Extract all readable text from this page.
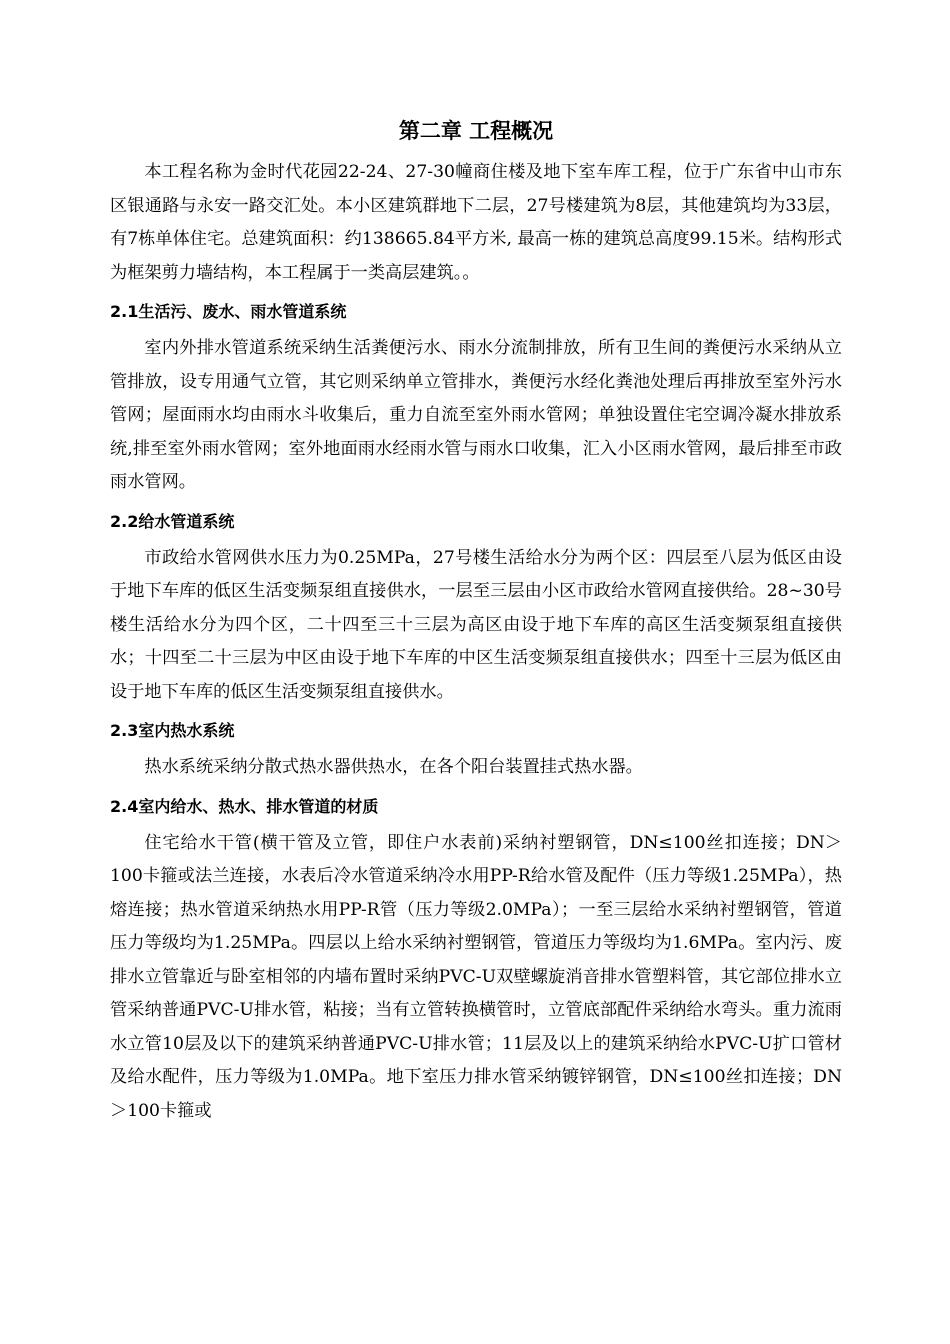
第二章 工程概况

本工程名称为金时代花园22-24、27-30幢商住楼及地下室车库工程，位于广东省中山市东区银通路与永安一路交汇处。本小区建筑群地下二层，27号楼建筑为8层，其他建筑均为33层，有7栋单体住宅。总建筑面积：约138665.84平方米, 最高一栋的建筑总高度99.15米。结构形式为框架剪力墙结构，本工程属于一类高层建筑。。

2.1生活污、废水、雨水管道系统

室内外排水管道系统采纳生活粪便污水、雨水分流制排放，所有卫生间的粪便污水采纳从立管排放，设专用通气立管，其它则采纳单立管排水，粪便污水经化粪池处理后再排放至室外污水管网；屋面雨水均由雨水斗收集后，重力自流至室外雨水管网；单独设置住宅空调冷凝水排放系统,排至室外雨水管网；室外地面雨水经雨水管与雨水口收集，汇入小区雨水管网，最后排至市政雨水管网。

2.2给水管道系统

市政给水管网供水压力为0.25MPa，27号楼生活给水分为两个区：四层至八层为低区由设于地下车库的低区生活变频泵组直接供水，一层至三层由小区市政给水管网直接供给。28~30号楼生活给水分为四个区，二十四至三十三层为高区由设于地下车库的高区生活变频泵组直接供水；十四至二十三层为中区由设于地下车库的中区生活变频泵组直接供水；四至十三层为低区由设于地下车库的低区生活变频泵组直接供水。

2.3室内热水系统

热水系统采纳分散式热水器供热水，在各个阳台装置挂式热水器。

2.4室内给水、热水、排水管道的材质

住宅给水干管(横干管及立管，即住户水表前)采纳衬塑钢管，DN≤100丝扣连接；DN＞100卡箍或法兰连接，水表后冷水管道采纳冷水用PP-R给水管及配件（压力等级1.25MPa），热熔连接；热水管道采纳热水用PP-R管（压力等级2.0MPa）；一至三层给水采纳衬塑钢管，管道压力等级均为1.25MPa。四层以上给水采纳衬塑钢管，管道压力等级均为1.6MPa。室内污、废排水立管靠近与卧室相邻的内墙布置时采纳PVC-U双壁螺旋消音排水管塑料管，其它部位排水立管采纳普通PVC-U排水管，粘接；当有立管转换横管时，立管底部配件采纳给水弯头。重力流雨水立管10层及以下的建筑采纳普通PVC-U排水管；11层及以上的建筑采纳给水PVC-U扩口管材及给水配件，压力等级为1.0MPa。地下室压力排水管采纳镀锌钢管，DN≤100丝扣连接；DN＞100卡箍或
